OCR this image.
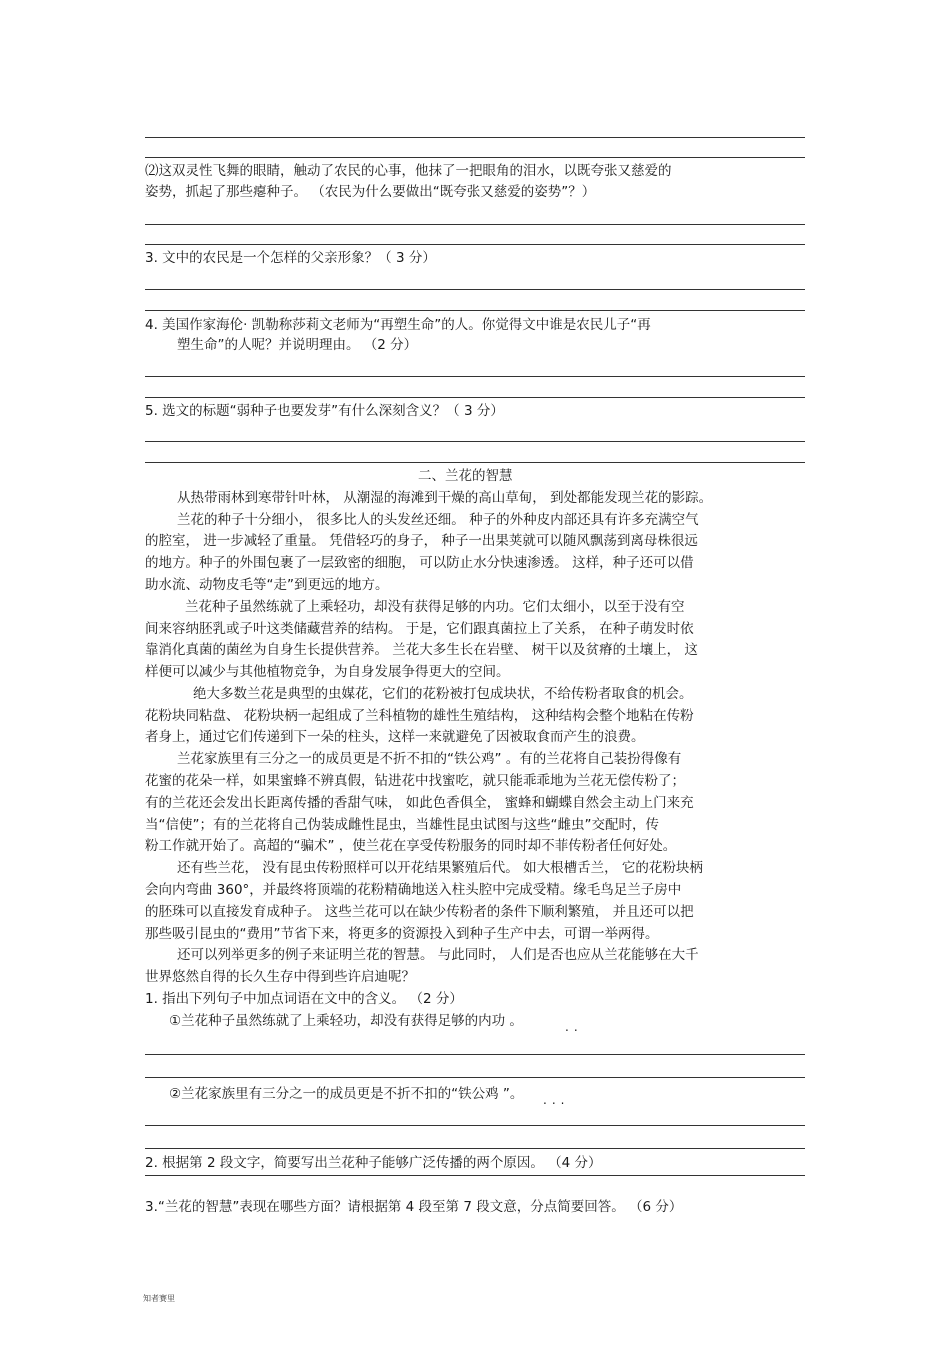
⑵这双灵性飞舞的眼睛，触动了农民的心事，他抹了一把眼角的泪水，以既夸张又慈爱的

姿势，抓起了那些瘪种子。 （农民为什么要做出“既夸张又慈爱的姿势”？）

3. 文中的农民是一个怎样的父亲形象？（ 3 分）

4. 美国作家海伦· 凯勒称莎莉文老师为“再塑生命”的人。你觉得文中谁是农民儿子“再

塑生命”的人呢？并说明理由。 （2 分）

5. 选文的标题“弱种子也要发芽”有什么深刻含义？（ 3 分）

二、兰花的智慧

从热带雨林到寒带针叶林， 从潮湿的海滩到干燥的高山草甸， 到处都能发现兰花的影踪。

兰花的种子十分细小， 很多比人的头发丝还细。 种子的外种皮内部还具有许多充满空气

的腔室， 进一步减轻了重量。 凭借轻巧的身子， 种子一出果荚就可以随风飘荡到离母株很远

的地方。种子的外围包裹了一层致密的细胞， 可以防止水分快速渗透。 这样，种子还可以借

助水流、动物皮毛等“走”到更远的地方。

兰花种子虽然练就了上乘轻功，却没有获得足够的内功。它们太细小，以至于没有空

间来容纳胚乳或子叶这类储藏营养的结构。 于是，它们跟真菌拉上了关系， 在种子萌发时依

靠消化真菌的菌丝为自身生长提供营养。 兰花大多生长在岩壁、 树干以及贫瘠的土壤上， 这

样便可以减少与其他植物竞争，为自身发展争得更大的空间。

绝大多数兰花是典型的虫媒花，它们的花粉被打包成块状，不给传粉者取食的机会。

花粉块同粘盘、 花粉块柄一起组成了兰科植物的雄性生殖结构， 这种结构会整个地粘在传粉

者身上，通过它们传递到下一朵的柱头，这样一来就避免了因被取食而产生的浪费。

兰花家族里有三分之一的成员更是不折不扣的“铁公鸡” 。有的兰花将自己装扮得像有

花蜜的花朵一样，如果蜜蜂不辨真假，钻进花中找蜜吃，就只能乖乖地为兰花无偿传粉了；

有的兰花还会发出长距离传播的香甜气味， 如此色香俱全， 蜜蜂和蝴蝶自然会主动上门来充

当“信使”；有的兰花将自己伪装成雌性昆虫，当雄性昆虫试图与这些“雌虫”交配时，传

粉工作就开始了。高超的“骗术” ，使兰花在享受传粉服务的同时却不菲传粉者任何好处。

还有些兰花， 没有昆虫传粉照样可以开花结果繁殖后代。 如大根槽舌兰， 它的花粉块柄

会向内弯曲 360°，并最终将顶端的花粉精确地送入柱头腔中完成受精。缘毛鸟足兰子房中

的胚珠可以直接发育成种子。 这些兰花可以在缺少传粉者的条件下顺利繁殖， 并且还可以把

那些吸引昆虫的“费用”节省下来，将更多的资源投入到种子生产中去，可谓一举两得。

还可以列举更多的例子来证明兰花的智慧。 与此同时， 人们是否也应从兰花能够在大千

世界悠然自得的长久生存中得到些许启迪呢？

1. 指出下列句子中加点词语在文中的含义。 （2 分）

①兰花种子虽然练就了上乘轻功，却没有获得足够的内功 。	..

②兰花家族里有三分之一的成员更是不折不扣的“铁公鸡 ”。 ...

2. 根据第 2 段文字，简要写出兰花种子能够广泛传播的两个原因。 （4 分）

3.“兰花的智慧”表现在哪些方面？请根据第 4 段至第 7 段文意，分点简要回答。 （6 分）

知者赛里
